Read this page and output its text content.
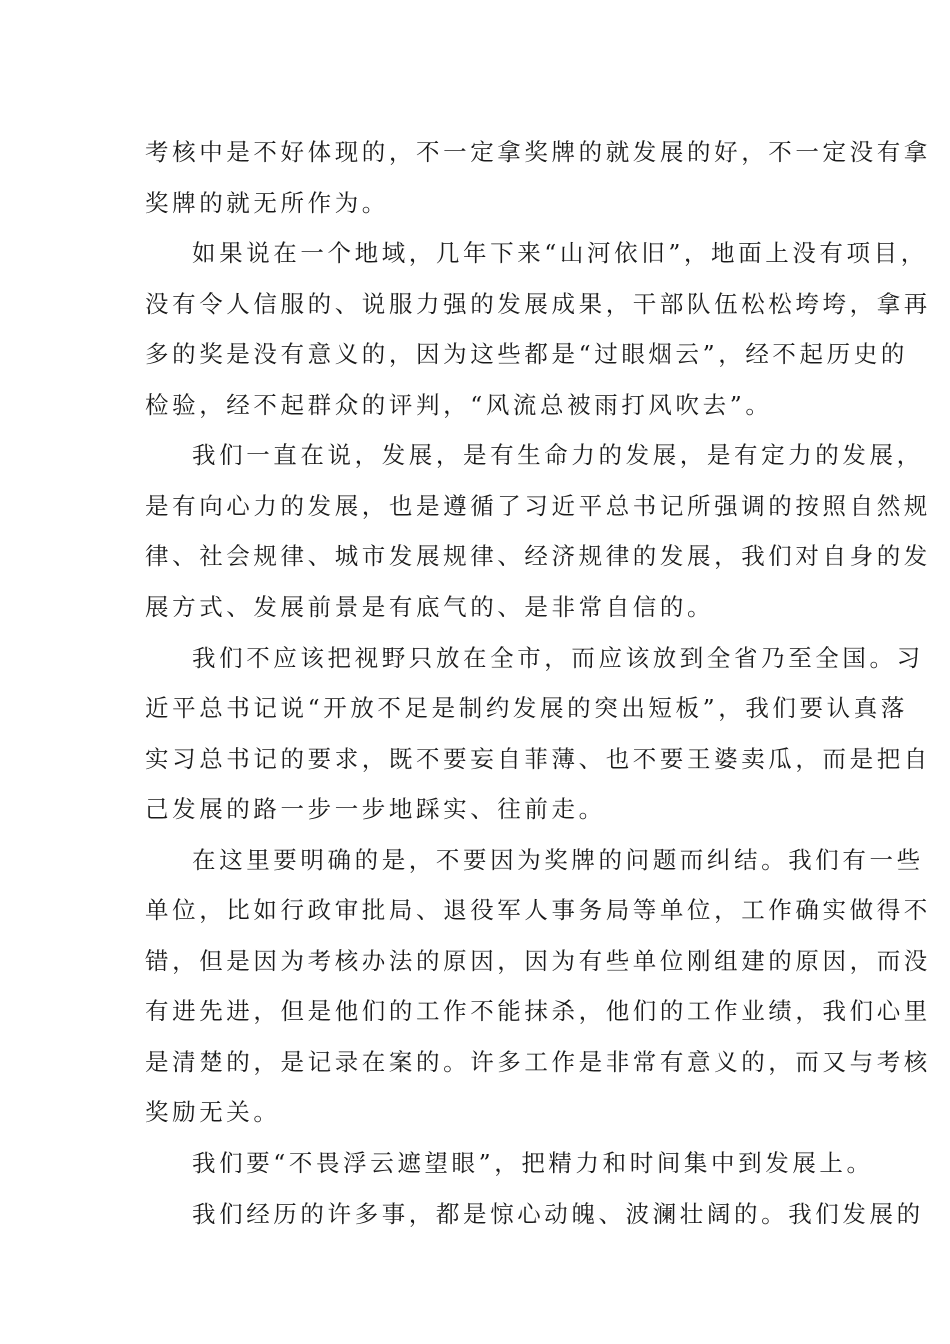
考核中是不好体现的，不一定拿奖牌的就发展的好，不一定没有拿
奖牌的就无所作为。
如果说在一个地域，几年下来“山河依旧”，地面上没有项目，
没有令人信服的、说服力强的发展成果，干部队伍松松垮垮，拿再
多的奖是没有意义的，因为这些都是“过眼烟云”，经不起历史的
检验，经不起群众的评判，“风流总被雨打风吹去”。
我们一直在说，发展，是有生命力的发展，是有定力的发展，
是有向心力的发展，也是遵循了习近平总书记所强调的按照自然规
律、社会规律、城市发展规律、经济规律的发展，我们对自身的发
展方式、发展前景是有底气的、是非常自信的。
我们不应该把视野只放在全市，而应该放到全省乃至全国。习
近平总书记说“开放不足是制约发展的突出短板”，我们要认真落
实习总书记的要求，既不要妄自菲薄、也不要王婆卖瓜，而是把自
己发展的路一步一步地踩实、往前走。
在这里要明确的是，不要因为奖牌的问题而纠结。我们有一些
单位，比如行政审批局、退役军人事务局等单位，工作确实做得不
错，但是因为考核办法的原因，因为有些单位刚组建的原因，而没
有进先进，但是他们的工作不能抹杀，他们的工作业绩，我们心里
是清楚的，是记录在案的。许多工作是非常有意义的，而又与考核
奖励无关。
我们要“不畏浮云遮望眼”，把精力和时间集中到发展上。
我们经历的许多事，都是惊心动魄、波澜壮阔的。我们发展的
